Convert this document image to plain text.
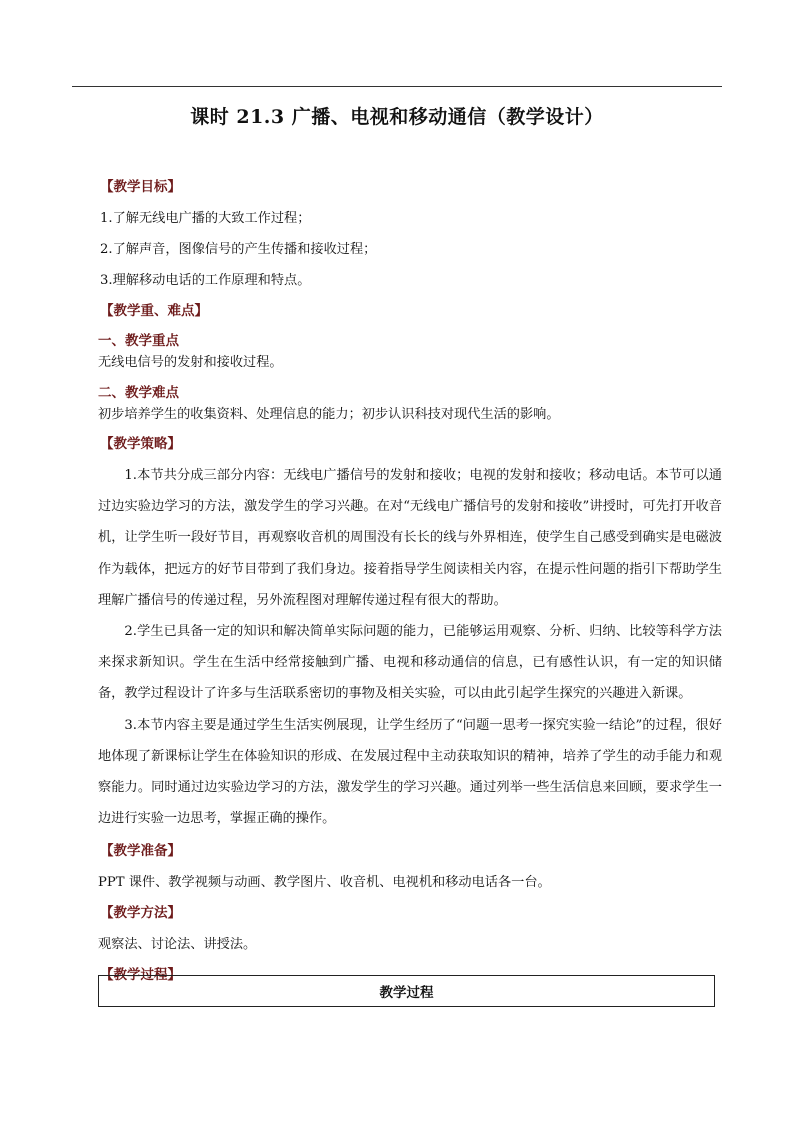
课时 21.3 广播、电视和移动通信（教学设计）
【教学目标】
1.了解无线电广播的大致工作过程；
2.了解声音，图像信号的产生传播和接收过程；
3.理解移动电话的工作原理和特点。
【教学重、难点】
一、教学重点
无线电信号的发射和接收过程。
二、教学难点
初步培养学生的收集资料、处理信息的能力；初步认识科技对现代生活的影响。
【教学策略】
1.本节共分成三部分内容：无线电广播信号的发射和接收；电视的发射和接收；移动电话。本节可以通过边实验边学习的方法，激发学生的学习兴趣。在对“无线电广播信号的发射和接收”讲授时，可先打开收音机，让学生听一段好节目，再观察收音机的周围没有长长的线与外界相连，使学生自己感受到确实是电磁波作为载体，把远方的好节目带到了我们身边。接着指导学生阅读相关内容，在提示性问题的指引下帮助学生理解广播信号的传递过程，另外流程图对理解传递过程有很大的帮助。
2.学生已具备一定的知识和解决简单实际问题的能力，已能够运用观察、分析、归纳、比较等科学方法来探求新知识。学生在生活中经常接触到广播、电视和移动通信的信息，已有感性认识，有一定的知识储备，教学过程设计了许多与生活联系密切的事物及相关实验，可以由此引起学生探究的兴趣进入新课。
3.本节内容主要是通过学生生活实例展现，让学生经历了“问题一思考一探究实验一结论”的过程，很好地体现了新课标让学生在体验知识的形成、在发展过程中主动获取知识的精神，培养了学生的动手能力和观察能力。同时通过边实验边学习的方法，激发学生的学习兴趣。通过列举一些生活信息来回顾，要求学生一边进行实验一边思考，掌握正确的操作。
【教学准备】
PPT 课件、教学视频与动画、教学图片、收音机、电视机和移动电话各一台。
【教学方法】
观察法、讨论法、讲授法。
【教学过程】
教学过程
